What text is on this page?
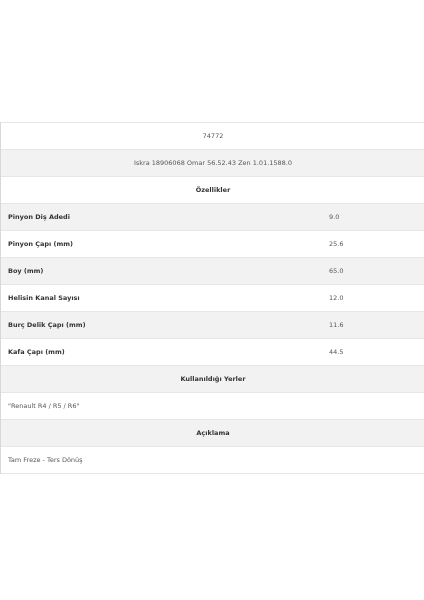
74772
Iskra 18906068 Omar 56.52.43 Zen 1.01.1588.0
Özellikler
Pinyon Diş Adedi	9.0
Pinyon Çapı (mm)	25.6
Boy (mm)	65.0
Helisin Kanal Sayısı	12.0
Burç Delik Çapı (mm)	11.6
Kafa Çapı (mm)	44.5
Kullanıldığı Yerler
"Renault R4 / R5 / R6"
Açıklama
Tam Freze - Ters Dönüş
